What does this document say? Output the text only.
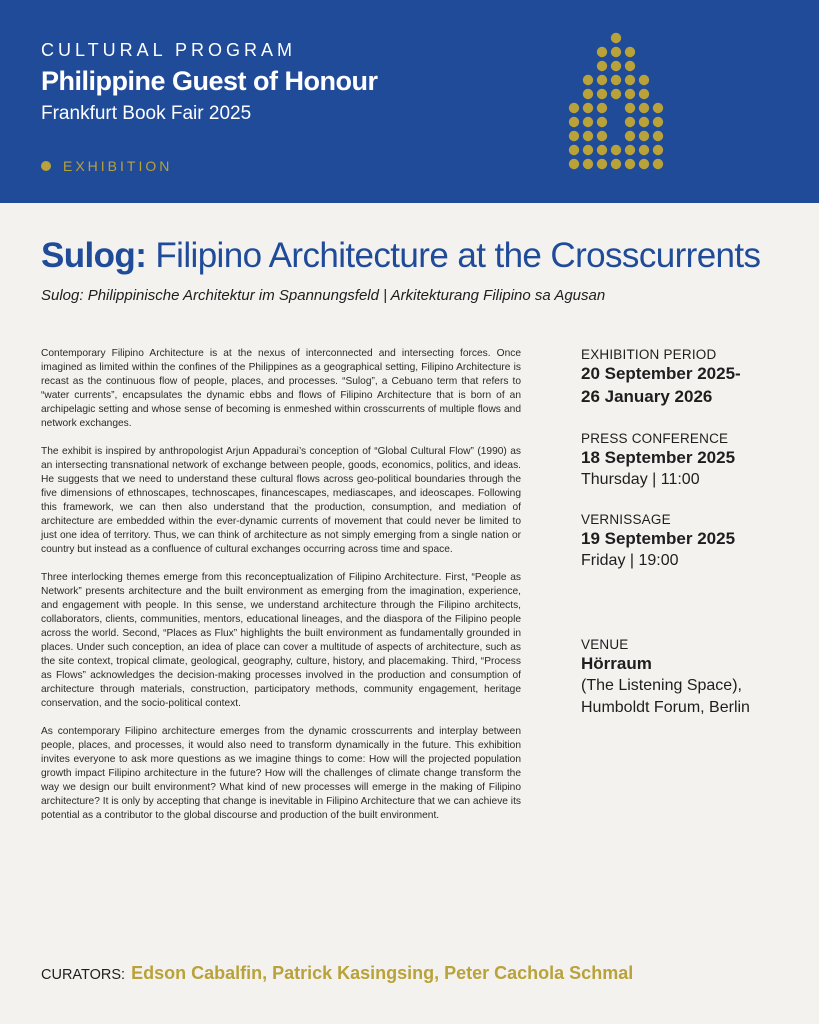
CULTURAL PROGRAM
Philippine Guest of Honour
Frankfurt Book Fair 2025
EXHIBITION
Sulog: Filipino Architecture at the Crosscurrents
Sulog: Philippinische Architektur im Spannungsfeld | Arkitekturang Filipino sa Agusan

Contemporary Filipino Architecture is at the nexus of interconnected and intersecting forces. Once imagined as limited within the confines of the Philippines as a geographical setting, Filipino Architecture is recast as the continuous flow of people, places, and processes. “Sulog”, a Cebuano term that refers to “water currents”, encapsulates the dynamic ebbs and flows of Filipino Architecture that is born of an archipelagic setting and whose sense of becoming is enmeshed within crosscurrents of multiple flows and network exchanges.

The exhibit is inspired by anthropologist Arjun Appadurai’s conception of “Global Cultural Flow” (1990) as an intersecting transnational network of exchange between people, goods, economics, politics, and ideas. He suggests that we need to understand these cultural flows across geo-political boundaries through the five dimensions of ethnoscapes, technoscapes, financescapes, mediascapes, and ideoscapes. Following this framework, we can then also understand that the production, consumption, and mediation of architecture are embedded within the ever-dynamic currents of movement that could never be limited to just one idea of territory. Thus, we can think of architecture as not simply emerging from a single nation or country but instead as a confluence of cultural exchanges occurring across time and space.

Three interlocking themes emerge from this reconceptualization of Filipino Architecture. First, “People as Network” presents architecture and the built environment as emerging from the imagination, experience, and engagement with people. In this sense, we understand architecture through the Filipino architects, collaborators, clients, communities, mentors, educational lineages, and the diaspora of the Filipino people across the world. Second, “Places as Flux” highlights the built environment as fundamentally grounded in places. Under such conception, an idea of place can cover a multitude of aspects of architecture, such as the site context, tropical climate, geological, geography, culture, history, and placemaking. Third, “Process as Flows” acknowledges the decision-making processes involved in the production and consumption of architecture through materials, construction, participatory methods, community engagement, heritage conservation, and the socio-political context.

As contemporary Filipino architecture emerges from the dynamic crosscurrents and interplay between people, places, and processes, it would also need to transform dynamically in the future. This exhibition invites everyone to ask more questions as we imagine things to come: How will the projected population growth impact Filipino architecture in the future? How will the challenges of climate change transform the way we design our built environment? What kind of new processes will emerge in the making of Filipino architecture? It is only by accepting that change is inevitable in Filipino Architecture that we can achieve its potential as a contributor to the global discourse and production of the built environment.

EXHIBITION PERIOD
20 September 2025-
26 January 2026
PRESS CONFERENCE
18 September 2025
Thursday | 11:00
VERNISSAGE
19 September 2025
Friday | 19:00
VENUE
Hörraum
(The Listening Space),
Humboldt Forum, Berlin
CURATORS: Edson Cabalfin, Patrick Kasingsing, Peter Cachola Schmal
